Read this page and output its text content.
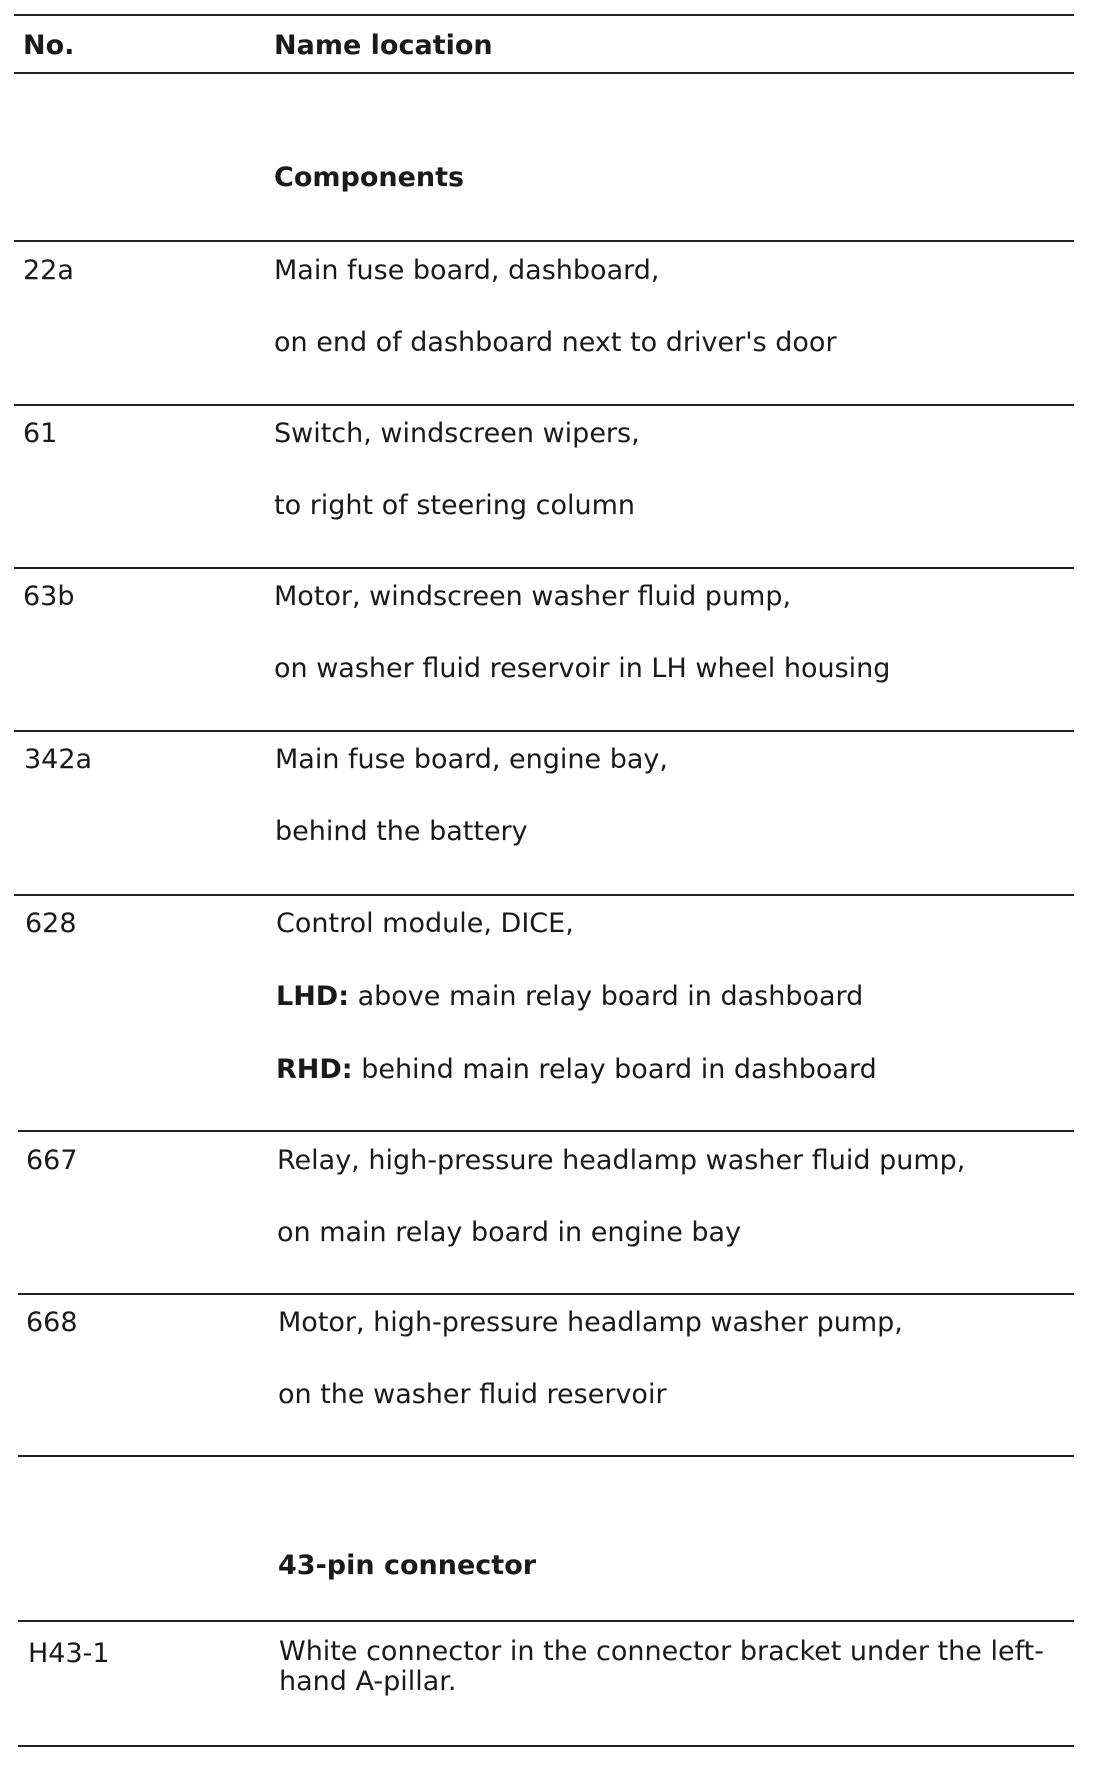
No.	Name location
Components
22a	Main fuse board, dashboard,
on end of dashboard next to driver's door
61	Switch, windscreen wipers,
to right of steering column
63b	Motor, windscreen washer fluid pump,
on washer fluid reservoir in LH wheel housing
342a	Main fuse board, engine bay,
behind the battery
628	Control module, DICE,
LHD: above main relay board in dashboard
RHD: behind main relay board in dashboard
667	Relay, high-pressure headlamp washer fluid pump,
on main relay board in engine bay
668	Motor, high-pressure headlamp washer pump,
on the washer fluid reservoir
43-pin connector
H43-1	White connector in the connector bracket under the left-hand A-pillar.
